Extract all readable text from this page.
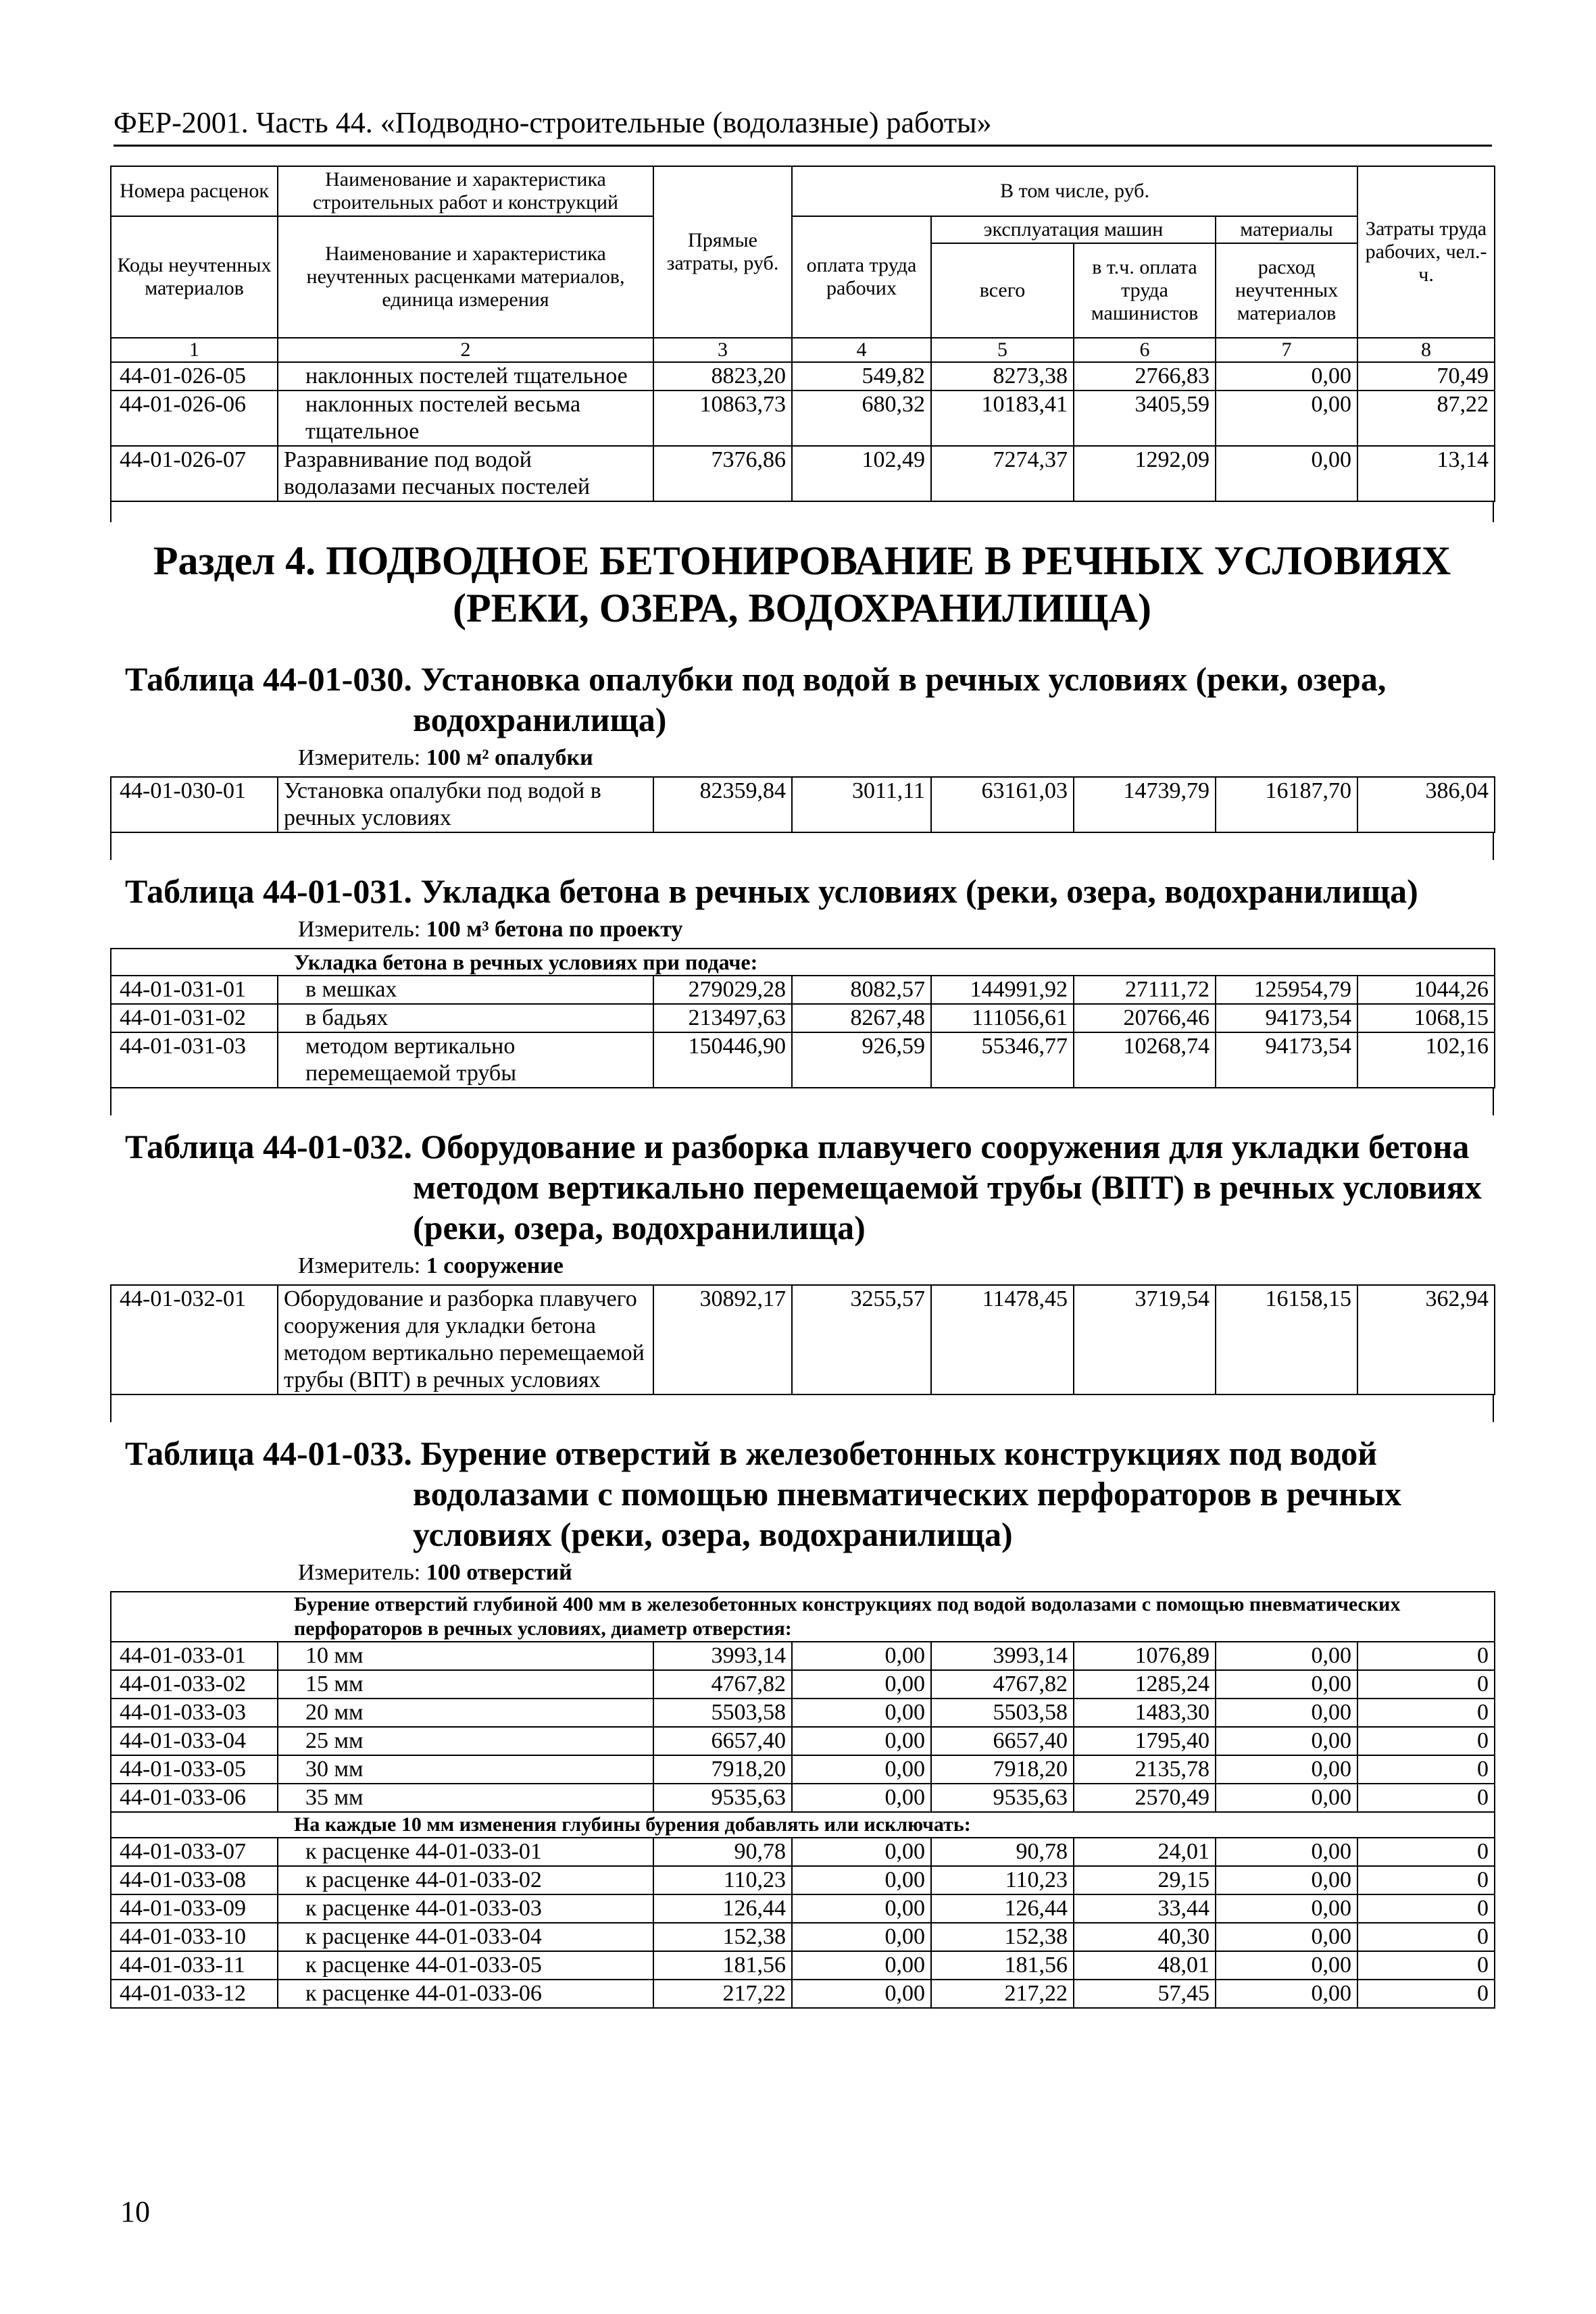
ФЕР-2001. Часть 44. «Подводно-строительные (водолазные) работы»
Номера расценок	Наименование и характеристика строительных работ и конструкций	Прямые затраты, руб.	В том числе, руб.				Затраты труда рабочих, чел.-ч.
Коды неучтенных материалов	Наименование и характеристика неучтенных расценками материалов, единица измерения		оплата труда рабочих	эксплуатация машин		материалы	
				всего	в т.ч. оплата труда машинистов	расход неучтенных материалов	
1	2	3	4	5	6	7	8
44-01-026-05	наклонных постелей тщательное	8823,20	549,82	8273,38	2766,83	0,00	70,49
44-01-026-06	наклонных постелей весьма тщательное	10863,73	680,32	10183,41	3405,59	0,00	87,22
44-01-026-07	Разравнивание под водой водолазами песчаных постелей	7376,86	102,49	7274,37	1292,09	0,00	13,14
Раздел 4. ПОДВОДНОЕ БЕТОНИРОВАНИЕ В РЕЧНЫХ УСЛОВИЯХ
(РЕКИ, ОЗЕРА, ВОДОХРАНИЛИЩА)
Таблица 44-01-030. Установка опалубки под водой в речных условиях (реки, озера,
водохранилища)
Измеритель: 100 м² опалубки
44-01-030-01	Установка опалубки под водой в речных условиях	82359,84	3011,11	63161,03	14739,79	16187,70	386,04
Таблица 44-01-031. Укладка бетона в речных условиях (реки, озера, водохранилища)
Измеритель: 100 м³ бетона по проекту
Укладка бетона в речных условиях при подаче:							
44-01-031-01	в мешках	279029,28	8082,57	144991,92	27111,72	125954,79	1044,26
44-01-031-02	в бадьях	213497,63	8267,48	111056,61	20766,46	94173,54	1068,15
44-01-031-03	методом вертикально перемещаемой трубы	150446,90	926,59	55346,77	10268,74	94173,54	102,16
Таблица 44-01-032. Оборудование и разборка плавучего сооружения для укладки бетона
методом вертикально перемещаемой трубы (ВПТ) в речных условиях
(реки, озера, водохранилища)
Измеритель: 1 сооружение
44-01-032-01	Оборудование и разборка плавучего сооружения для укладки бетона методом вертикально перемещаемой трубы (ВПТ) в речных условиях	30892,17	3255,57	11478,45	3719,54	16158,15	362,94
Таблица 44-01-033. Бурение отверстий в железобетонных конструкциях под водой
водолазами с помощью пневматических перфораторов в речных
условиях (реки, озера, водохранилища)
Измеритель: 100 отверстий
Бурение отверстий глубиной 400 мм в железобетонных конструкциях под водой водолазами с помощью пневматических перфораторов в речных условиях, диаметр отверстия:							
44-01-033-01	10 мм	3993,14	0,00	3993,14	1076,89	0,00	0
44-01-033-02	15 мм	4767,82	0,00	4767,82	1285,24	0,00	0
44-01-033-03	20 мм	5503,58	0,00	5503,58	1483,30	0,00	0
44-01-033-04	25 мм	6657,40	0,00	6657,40	1795,40	0,00	0
44-01-033-05	30 мм	7918,20	0,00	7918,20	2135,78	0,00	0
44-01-033-06	35 мм	9535,63	0,00	9535,63	2570,49	0,00	0
На каждые 10 мм изменения глубины бурения добавлять или исключать:							
44-01-033-07	к расценке 44-01-033-01	90,78	0,00	90,78	24,01	0,00	0
44-01-033-08	к расценке 44-01-033-02	110,23	0,00	110,23	29,15	0,00	0
44-01-033-09	к расценке 44-01-033-03	126,44	0,00	126,44	33,44	0,00	0
44-01-033-10	к расценке 44-01-033-04	152,38	0,00	152,38	40,30	0,00	0
44-01-033-11	к расценке 44-01-033-05	181,56	0,00	181,56	48,01	0,00	0
44-01-033-12	к расценке 44-01-033-06	217,22	0,00	217,22	57,45	0,00	0
10
